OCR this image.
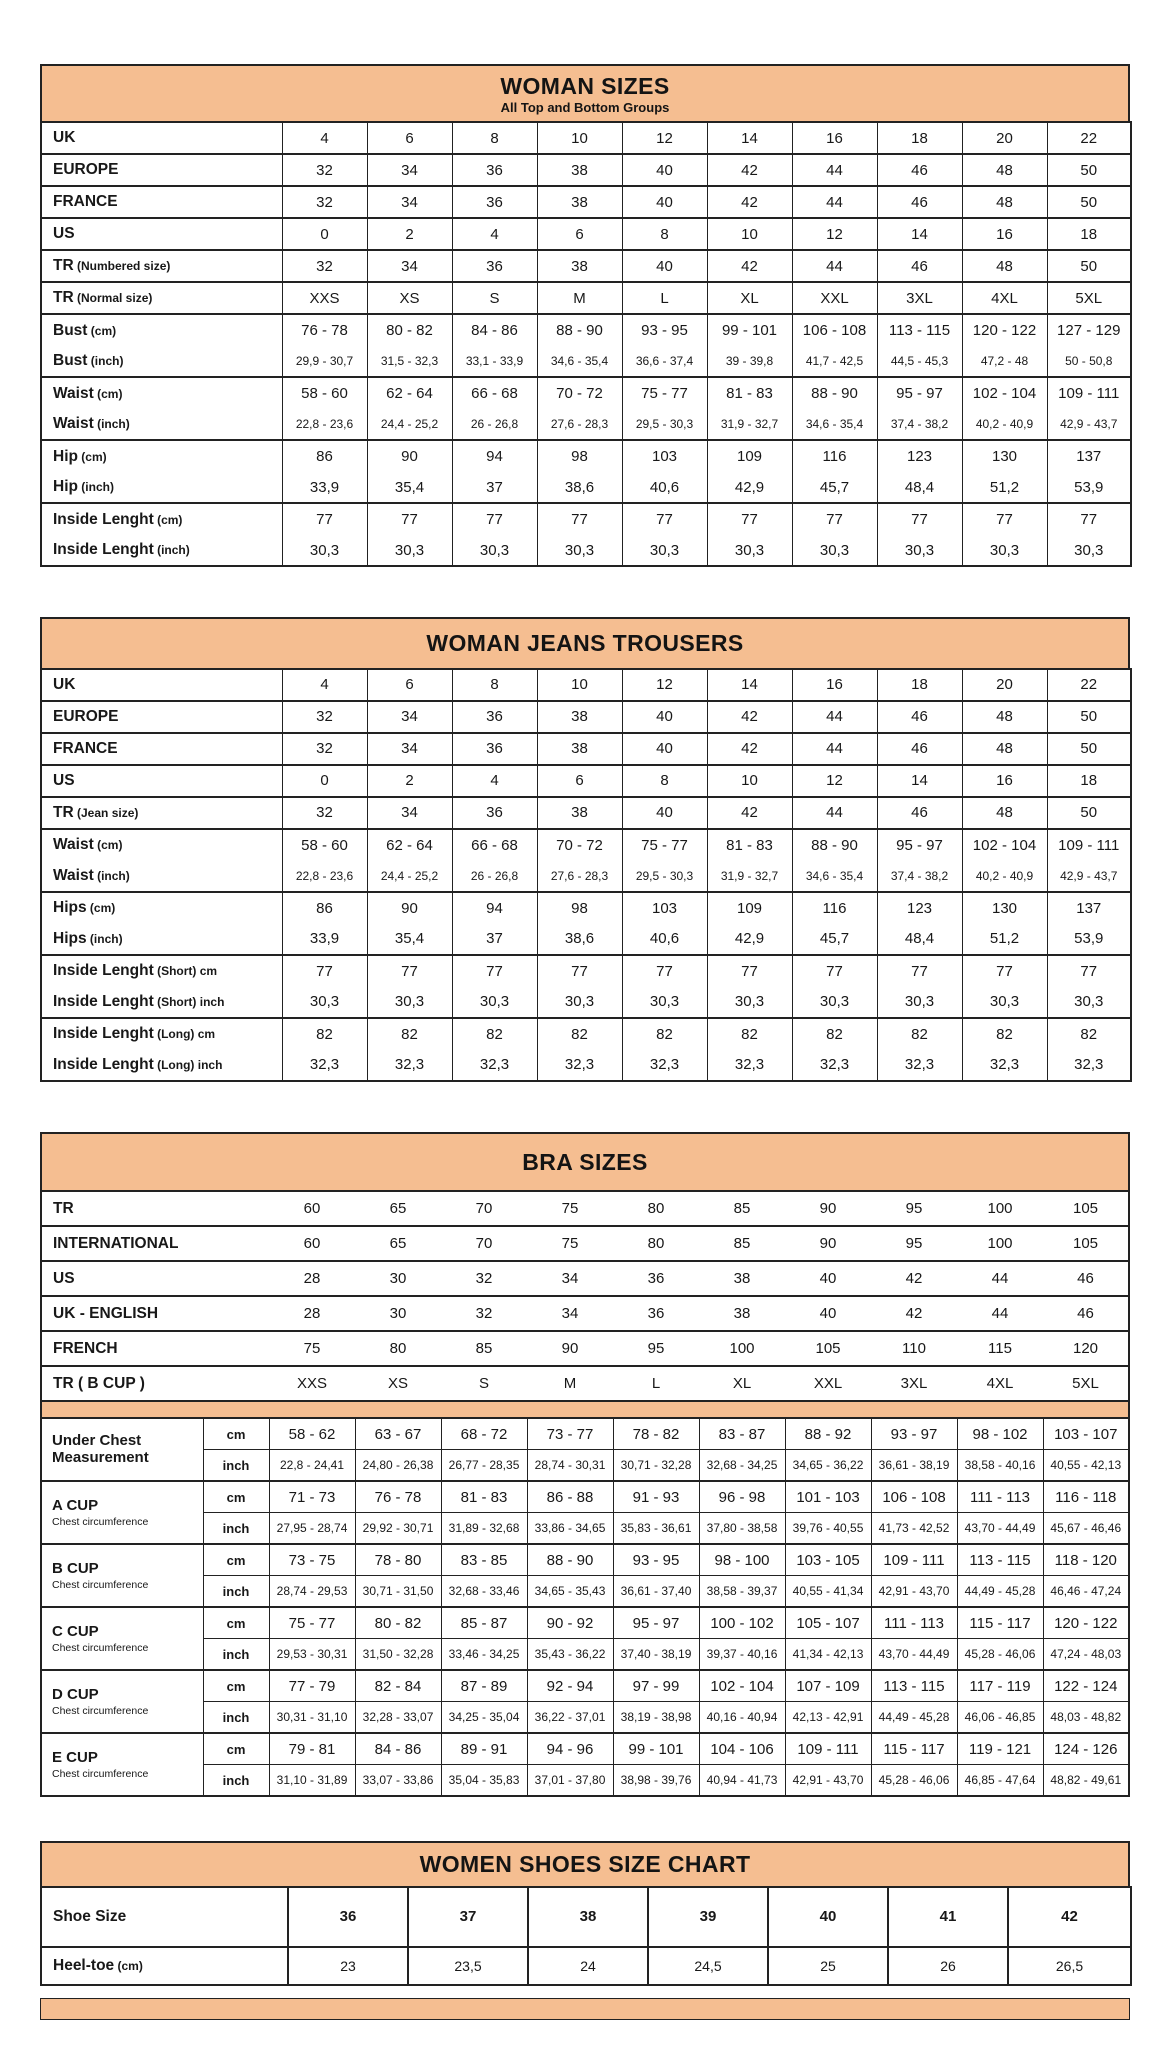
WOMAN SIZES
All Top and Bottom Groups
UK	4	6	8	10	12	14	16	18	20	22
EUROPE	32	34	36	38	40	42	44	46	48	50
FRANCE	32	34	36	38	40	42	44	46	48	50
US	0	2	4	6	8	10	12	14	16	18
TR (Numbered size)	32	34	36	38	40	42	44	46	48	50
TR (Normal size)	XXS	XS	S	M	L	XL	XXL	3XL	4XL	5XL
Bust (cm)	76 - 78	80 - 82	84 - 86	88 - 90	93 - 95	99 - 101	106 - 108	113 - 115	120 - 122	127 - 129
Bust (inch)	29,9 - 30,7	31,5 - 32,3	33,1 - 33,9	34,6 - 35,4	36,6 - 37,4	39 - 39,8	41,7 - 42,5	44,5 - 45,3	47,2 - 48	50 - 50,8
Waist (cm)	58 - 60	62 - 64	66 - 68	70 - 72	75 - 77	81 - 83	88 - 90	95 - 97	102 - 104	109 - 111
Waist (inch)	22,8 - 23,6	24,4 - 25,2	26 - 26,8	27,6 - 28,3	29,5 - 30,3	31,9 - 32,7	34,6 - 35,4	37,4 - 38,2	40,2 - 40,9	42,9 - 43,7
Hip (cm)	86	90	94	98	103	109	116	123	130	137
Hip (inch)	33,9	35,4	37	38,6	40,6	42,9	45,7	48,4	51,2	53,9
Inside Lenght (cm)	77	77	77	77	77	77	77	77	77	77
Inside Lenght (inch)	30,3	30,3	30,3	30,3	30,3	30,3	30,3	30,3	30,3	30,3
WOMAN JEANS TROUSERS
UK	4	6	8	10	12	14	16	18	20	22
EUROPE	32	34	36	38	40	42	44	46	48	50
FRANCE	32	34	36	38	40	42	44	46	48	50
US	0	2	4	6	8	10	12	14	16	18
TR (Jean size)	32	34	36	38	40	42	44	46	48	50
Waist (cm)	58 - 60	62 - 64	66 - 68	70 - 72	75 - 77	81 - 83	88 - 90	95 - 97	102 - 104	109 - 111
Waist (inch)	22,8 - 23,6	24,4 - 25,2	26 - 26,8	27,6 - 28,3	29,5 - 30,3	31,9 - 32,7	34,6 - 35,4	37,4 - 38,2	40,2 - 40,9	42,9 - 43,7
Hips (cm)	86	90	94	98	103	109	116	123	130	137
Hips (inch)	33,9	35,4	37	38,6	40,6	42,9	45,7	48,4	51,2	53,9
Inside Lenght (Short) cm	77	77	77	77	77	77	77	77	77	77
Inside Lenght (Short) inch	30,3	30,3	30,3	30,3	30,3	30,3	30,3	30,3	30,3	30,3
Inside Lenght (Long) cm	82	82	82	82	82	82	82	82	82	82
Inside Lenght (Long) inch	32,3	32,3	32,3	32,3	32,3	32,3	32,3	32,3	32,3	32,3
BRA SIZES
TR		60	65	70	75	80	85	90	95	100	105
INTERNATIONAL		60	65	70	75	80	85	90	95	100	105
US		28	30	32	34	36	38	40	42	44	46
UK - ENGLISH		28	30	32	34	36	38	40	42	44	46
FRENCH		75	80	85	90	95	100	105	110	115	120
TR ( B CUP )		XXS	XS	S	M	L	XL	XXL	3XL	4XL	5XL

Under Chest Measurement	cm	58 - 62	63 - 67	68 - 72	73 - 77	78 - 82	83 - 87	88 - 92	93 - 97	98 - 102	103 - 107
	inch	22,8 - 24,41	24,80 - 26,38	26,77 - 28,35	28,74 - 30,31	30,71 - 32,28	32,68 - 34,25	34,65 - 36,22	36,61 - 38,19	38,58 - 40,16	40,55 - 42,13

A CUP
Chest circumference	cm	71 - 73	76 - 78	81 - 83	86 - 88	91 - 93	96 - 98	101 - 103	106 - 108	111 - 113	116 - 118
	inch	27,95 - 28,74	29,92 - 30,71	31,89 - 32,68	33,86 - 34,65	35,83 - 36,61	37,80 - 38,58	39,76 - 40,55	41,73 - 42,52	43,70 - 44,49	45,67 - 46,46

B CUP
Chest circumference	cm	73 - 75	78 - 80	83 - 85	88 - 90	93 - 95	98 - 100	103 - 105	109 - 111	113 - 115	118 - 120
	inch	28,74 - 29,53	30,71 - 31,50	32,68 - 33,46	34,65 - 35,43	36,61 - 37,40	38,58 - 39,37	40,55 - 41,34	42,91 - 43,70	44,49 - 45,28	46,46 - 47,24

C CUP
Chest circumference	cm	75 - 77	80 - 82	85 - 87	90 - 92	95 - 97	100 - 102	105 - 107	111 - 113	115 - 117	120 - 122
	inch	29,53 - 30,31	31,50 - 32,28	33,46 - 34,25	35,43 - 36,22	37,40 - 38,19	39,37 - 40,16	41,34 - 42,13	43,70 - 44,49	45,28 - 46,06	47,24 - 48,03

D CUP
Chest circumference	cm	77 - 79	82 - 84	87 - 89	92 - 94	97 - 99	102 - 104	107 - 109	113 - 115	117 - 119	122 - 124
	inch	30,31 - 31,10	32,28 - 33,07	34,25 - 35,04	36,22 - 37,01	38,19 - 38,98	40,16 - 40,94	42,13 - 42,91	44,49 - 45,28	46,06 - 46,85	48,03 - 48,82

E CUP
Chest circumference	cm	79 - 81	84 - 86	89 - 91	94 - 96	99 - 101	104 - 106	109 - 111	115 - 117	119 - 121	124 - 126
	inch	31,10 - 31,89	33,07 - 33,86	35,04 - 35,83	37,01 - 37,80	38,98 - 39,76	40,94 - 41,73	42,91 - 43,70	45,28 - 46,06	46,85 - 47,64	48,82 - 49,61
WOMEN SHOES SIZE CHART
Shoe Size	36	37	38	39	40	41	42
Heel-toe (cm)	23	23,5	24	24,5	25	26	26,5
